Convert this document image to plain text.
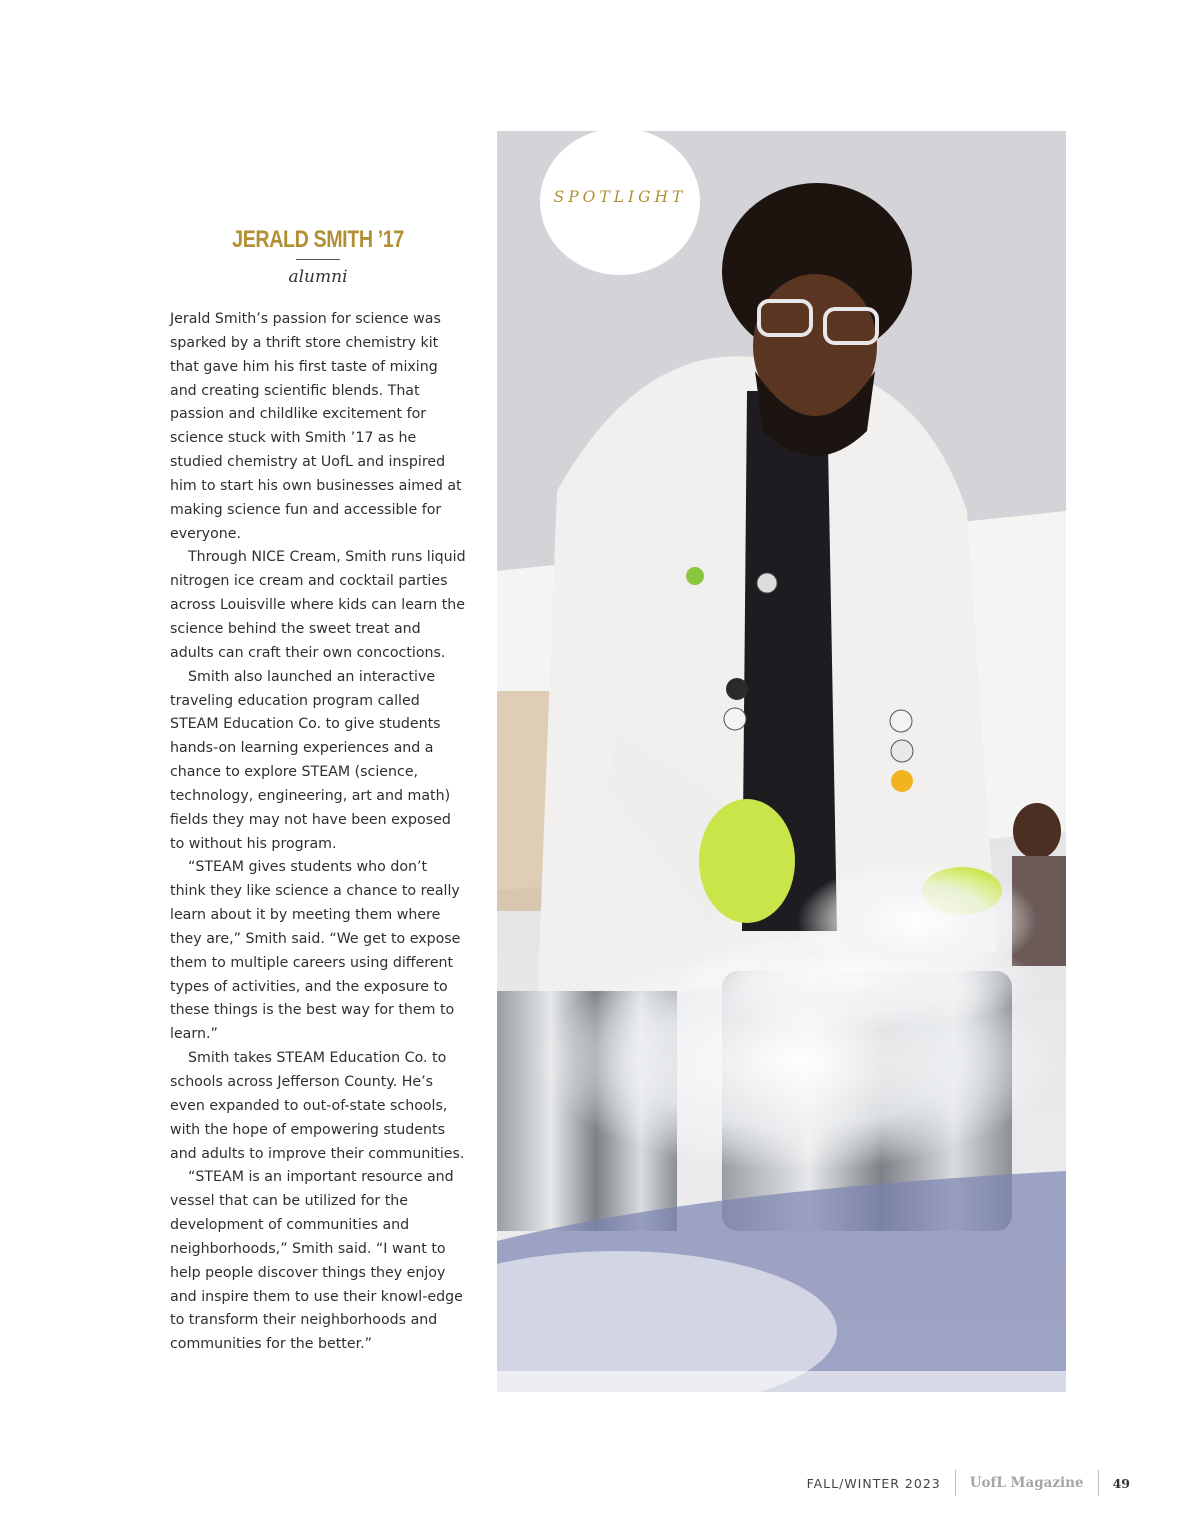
SPOTLIGHT
JERALD SMITH ’17

alumni

Jerald Smith’s passion for science was sparked by a thrift store chemistry kit that gave him his first taste of mixing and creating scientific blends. That passion and childlike excitement for science stuck with Smith ’17 as he studied chemistry at UofL and inspired him to start his own businesses aimed at making science fun and accessible for everyone.

Through NICE Cream, Smith runs liquid nitrogen ice cream and cocktail parties across Louisville where kids can learn the science behind the sweet treat and adults can craft their own concoctions.

Smith also launched an interactive traveling education program called STEAM Education Co. to give students hands-on learning experiences and a chance to explore STEAM (science, technology, engineering, art and math) fields they may not have been exposed to without his program.

“STEAM gives students who don’t think they like science a chance to really learn about it by meeting them where they are,” Smith said. “We get to expose them to multiple careers using different types of activities, and the exposure to these things is the best way for them to learn.”

Smith takes STEAM Education Co. to schools across Jefferson County. He’s even expanded to out-of-state schools, with the hope of empowering students and adults to improve their communities.

“STEAM is an important resource and vessel that can be utilized for the development of communities and neighborhoods,” Smith said. “I want to help people discover things they enjoy and inspire them to use their knowl-edge to transform their neighborhoods and communities for the better.”

FALL/WINTER 2023 UofL Magazine 49
